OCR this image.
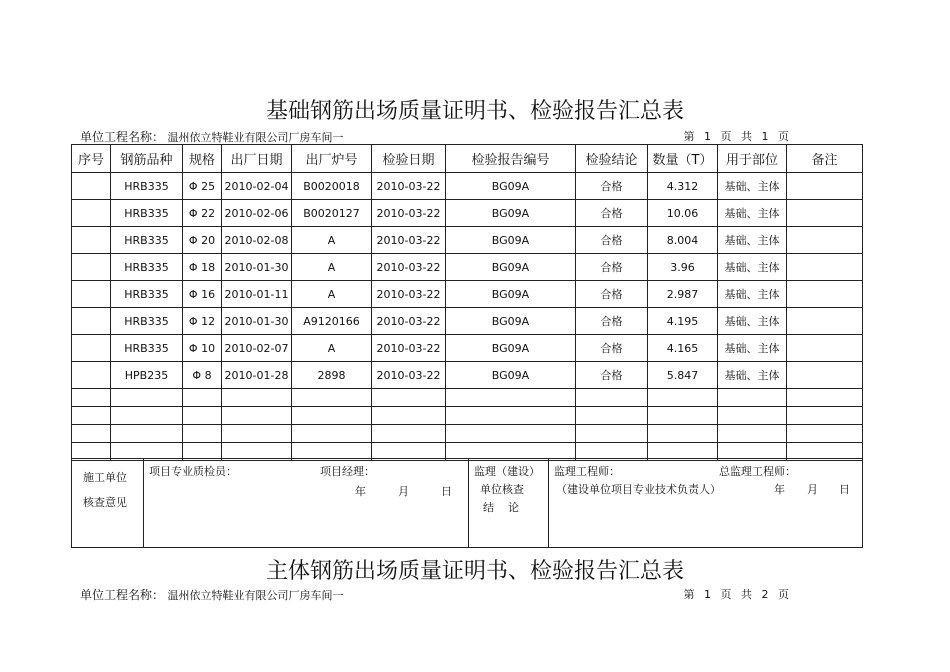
基础钢筋出场质量证明书、检验报告汇总表
单位工程名称： 温州依立特鞋业有限公司厂房车间一	第 1 页 共 1 页
序号	钢筋品种	规格	出厂日期	出厂炉号	检验日期	检验报告编号	检验结论	数量（T）	用于部位	备注
	HRB335	Φ 25	2010-02-04	B0020018	2010-03-22	BG09A	合格	4.312	基础、主体	
	HRB335	Φ 22	2010-02-06	B0020127	2010-03-22	BG09A	合格	10.06	基础、主体	
	HRB335	Φ 20	2010-02-08	A	2010-03-22	BG09A	合格	8.004	基础、主体	
	HRB335	Φ 18	2010-01-30	A	2010-03-22	BG09A	合格	3.96	基础、主体	
	HRB335	Φ 16	2010-01-11	A	2010-03-22	BG09A	合格	2.987	基础、主体	
	HRB335	Φ 12	2010-01-30	A9120166	2010-03-22	BG09A	合格	4.195	基础、主体	
	HRB335	Φ 10	2010-02-07	A	2010-03-22	BG09A	合格	4.165	基础、主体	
	HPB235	Φ 8	2010-01-28	2898	2010-03-22	BG09A	合格	5.847	基础、主体	

施工单位
核查意见

项目专业质检员：	项目经理：
年	月	日

监理（建设）
单位核查
结    论

监理工程师：	总监理工程师：
（建设单位项目专业技术负责人）	年 月 日
主体钢筋出场质量证明书、检验报告汇总表
单位工程名称： 温州依立特鞋业有限公司厂房车间一	第 1 页 共 2 页
